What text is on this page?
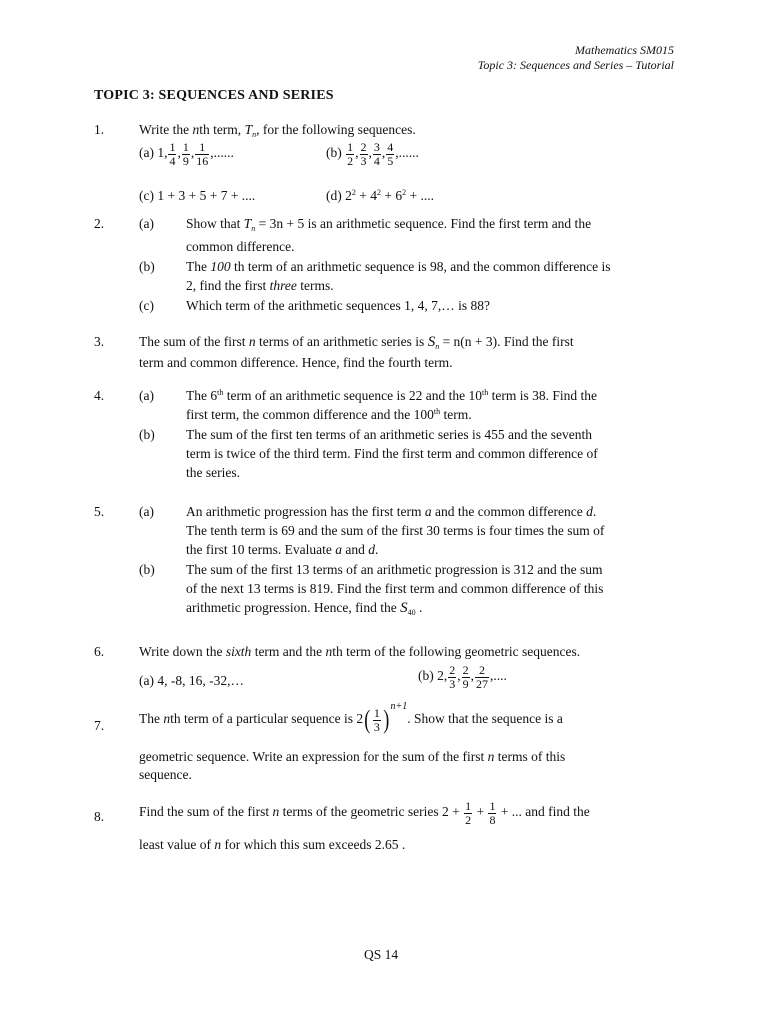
Mathematics SM015
Topic 3: Sequences and Series – Tutorial
TOPIC 3: SEQUENCES AND SERIES
1.	Write the nth term, $T_n$, for the following sequences.
(a) 1, $\frac{1}{4}$ , $\frac{1}{9}$ , $\frac{1}{16}$ ,......	$(b) \frac{1}{2}$ , $\frac{2}{3}$ , $\frac{3}{4}$ , $\frac{4}{5}$ ,......
(c) 1 + 3 + 5 + 7 + ....	(d) $2^2 + 4^2 + 6^2$ + ....
2.	(a) Show that $T_n = 3n + 5$ is an arithmetic sequence. Find the first term and the
common difference.
(b) The 100 th term of an arithmetic sequence is 98, and the common difference is
2, find the first three terms.
(c) Which term of the arithmetic sequences 1, 4, 7,… is 88?
3.	The sum of the first n terms of an arithmetic series is $S_n = n(n + 3)$. Find the first
term and common difference. Hence, find the fourth term.
4.	(a) The 6th term of an arithmetic sequence is 22 and the 10th term is 38. Find the
first term, the common difference and the 100th term.
(b) The sum of the first ten terms of an arithmetic series is 455 and the seventh
term is twice of the third term. Find the first term and common difference of
the series.
5.	(a) An arithmetic progression has the first term a and the common difference d.
The tenth term is 69 and the sum of the first 30 terms is four times the sum of
the first 10 terms. Evaluate a and d.
(b) The sum of the first 13 terms of an arithmetic progression is 312 and the sum
of the next 13 terms is 819. Find the first term and common difference of this
arithmetic progression. Hence, find the $S_{40}$ .
6.	Write down the sixth term and the nth term of the following geometric sequences.
(a) 4, -8, 16, -32,…	(b) 2, $\frac{2}{3}$ , $\frac{2}{9}$ , $\frac{2}{27}$ ,....
7.	The nth term of a particular sequence is $2( \frac{1}{3} )^{n+1}$. Show that the sequence is a
geometric sequence. Write an expression for the sum of the first n terms of this
sequence.
8.	Find the sum of the first n terms of the geometric series $2 + \frac{1}{2} + \frac{1}{8}$ + ... and find the
least value of n for which this sum exceeds 2.65 .
QS 14
